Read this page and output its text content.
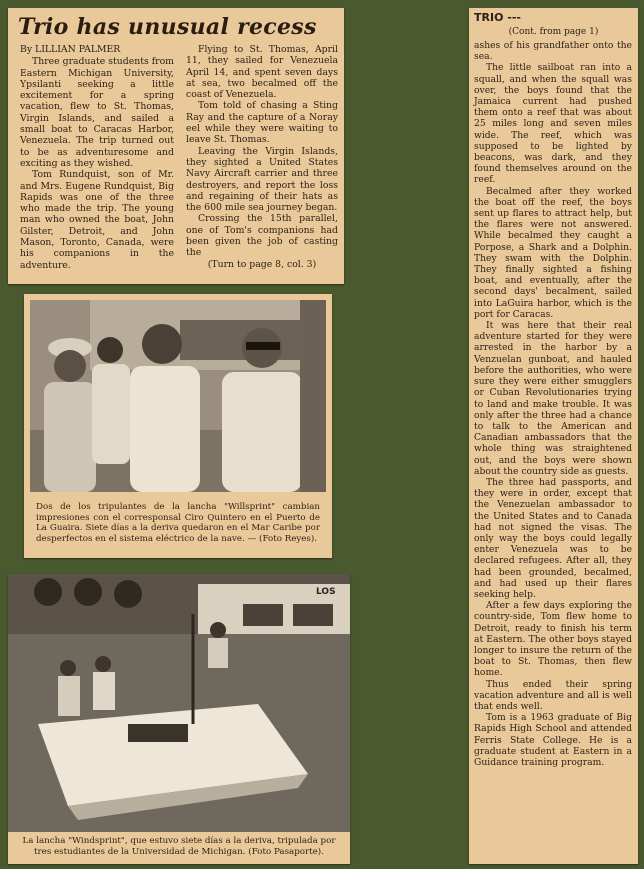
Trio has unusual recess

By LILLIAN PALMER

Three graduate students from Eastern Michigan University, Ypsilanti seeking a little excitement for a spring vacation, flew to St. Thomas, Virgin Islands, and sailed a small boat to Caracas Harbor, Venezuela. The trip turned out to be as adventuresome and exciting as they wished.

Tom Rundquist, son of Mr. and Mrs. Eugene Rundquist, Big Rapids was one of the three who made the trip. The young man who owned the boat, John Gilster, Detroit, and John Mason, Toronto, Canada, were his companions in the adventure.

Flying to St. Thomas, April 11, they sailed for Venezuela April 14, and spent seven days at sea, two becalmed off the coast of Venezuela.

Tom told of chasing a Sting Ray and the capture of a Noray eel while they were waiting to leave St. Thomas.

Leaving the Virgin Islands, they sighted a United States Navy Aircraft carrier and three destroyers, and report the loss and regaining of their hats as the 600 mile sea journey began.

Crossing the 15th parallel, one of Tom's companions had been given the job of casting the

(Turn to page 8, col. 3)

Dos de los tripulantes de la lancha "Willsprint" cambian impresiones con el corresponsal Ciro Quintero en el Puerto de La Guaira. Siete días a la deriva quedaron en el Mar Caribe por desperfectos en el sistema eléctrico de la nave. — (Foto Reyes).
LOS
La lancha "Windsprint", que estuvo siete días a la deriva, tripulada por tres estudiantes de la Universidad de Michigan. (Foto Pasaporte).
TRIO ---
(Cont. from page 1)

ashes of his grandfather onto the sea.

The little sailboat ran into a squall, and when the squall was over, the boys found that the Jamaica current had pushed them onto a reef that was about 25 miles long and seven miles wide. The reef, which was supposed to be lighted by beacons, was dark, and they found themselves around on the reef.

Becalmed after they worked the boat off the reef, the boys sent up flares to attract help, but the flares were not answered. While becalmed they caught a Porpose, a Shark and a Dolphin. They swam with the Dolphin. They finally sighted a fishing boat, and eventually, after the second days' becalment, sailed into LaGuira harbor, which is the port for Caracas.

It was here that their real adventure started for they were arrested in the harbor by a Venzuelan gunboat, and hauled before the authorities, who were sure they were either smugglers or Cuban Revolutionaries trying to land and make trouble. It was only after the three had a chance to talk to the American and Canadian ambassadors that the whole thing was straightened out, and the boys were shown about the country side as guests.

The three had passports, and they were in order, except that the Venezuelan ambassador to the United States and to Canada had not signed the visas. The only way the boys could legally enter Venezuela was to be declared refugees. After all, they had been grounded, becalmed, and had used up their flares seeking help.

After a few days exploring the country-side, Tom flew home to Detroit, ready to finish his term at Eastern. The other boys stayed longer to insure the return of the boat to St. Thomas, then flew home.

Thus ended their spring vacation adventure and all is well that ends well.

Tom is a 1963 graduate of Big Rapids High School and attended Ferris State College. He is a graduate student at Eastern in a Guidance training program.
